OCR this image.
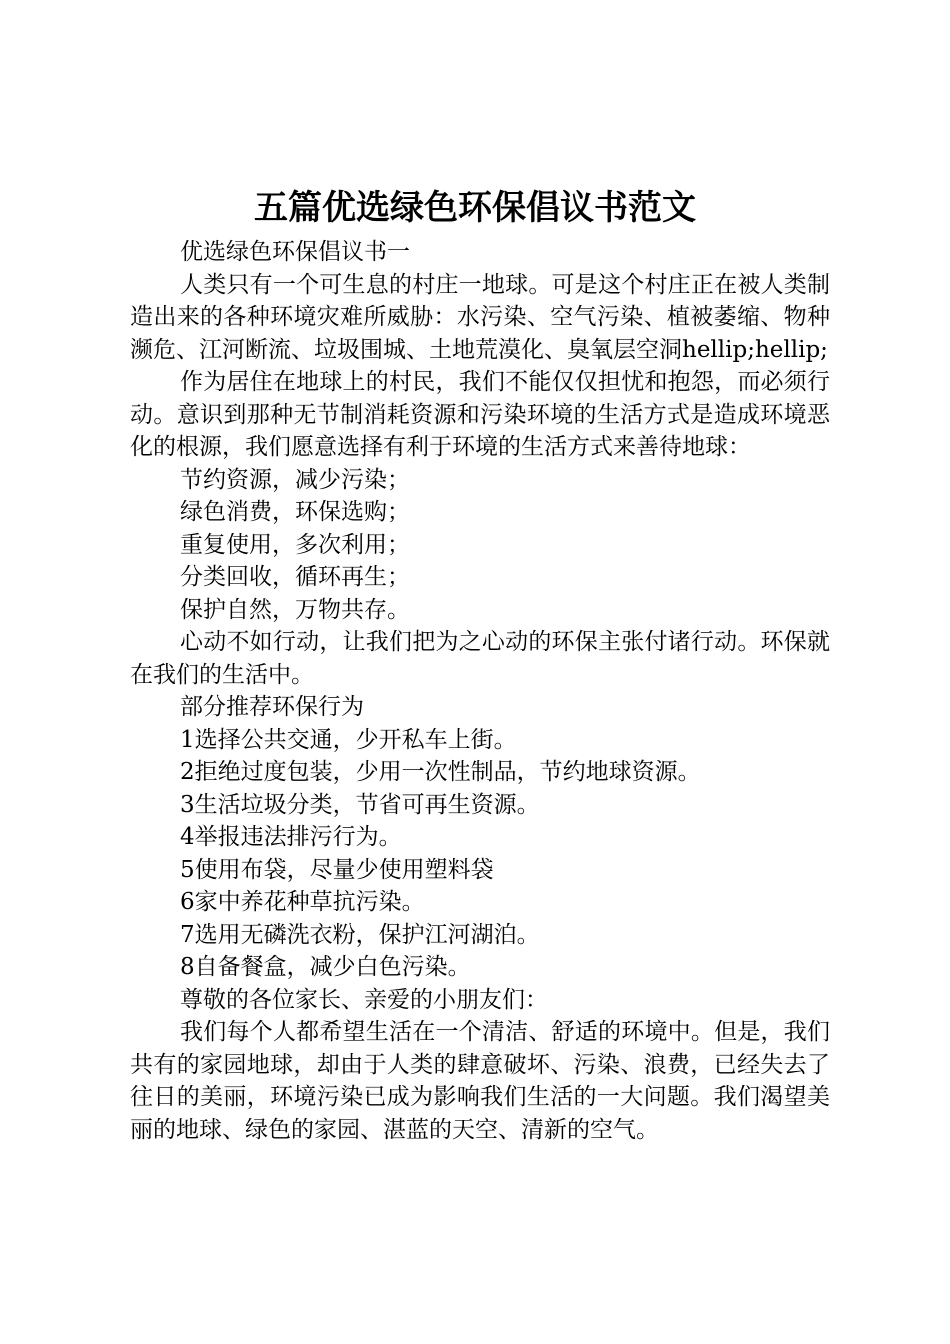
五篇优选绿色环保倡议书范文

优选绿色环保倡议书一

人类只有一个可生息的村庄一地球。可是这个村庄正在被人类制造出来的各种环境灾难所威胁：水污染、空气污染、植被萎缩、物种濒危、江河断流、垃圾围城、土地荒漠化、臭氧层空洞hellip;hellip;

作为居住在地球上的村民，我们不能仅仅担忧和抱怨，而必须行动。意识到那种无节制消耗资源和污染环境的生活方式是造成环境恶化的根源，我们愿意选择有利于环境的生活方式来善待地球：

节约资源，减少污染；

绿色消费，环保选购；

重复使用，多次利用；

分类回收，循环再生；

保护自然，万物共存。

心动不如行动，让我们把为之心动的环保主张付诸行动。环保就在我们的生活中。

部分推荐环保行为

1选择公共交通，少开私车上街。

2拒绝过度包装，少用一次性制品，节约地球资源。

3生活垃圾分类，节省可再生资源。

4举报违法排污行为。

5使用布袋，尽量少使用塑料袋

6家中养花种草抗污染。

7选用无磷洗衣粉，保护江河湖泊。

8自备餐盒，减少白色污染。

尊敬的各位家长、亲爱的小朋友们：

我们每个人都希望生活在一个清洁、舒适的环境中。但是，我们共有的家园地球，却由于人类的肆意破坏、污染、浪费，已经失去了往日的美丽，环境污染已成为影响我们生活的一大问题。我们渴望美丽的地球、绿色的家园、湛蓝的天空、清新的空气。
